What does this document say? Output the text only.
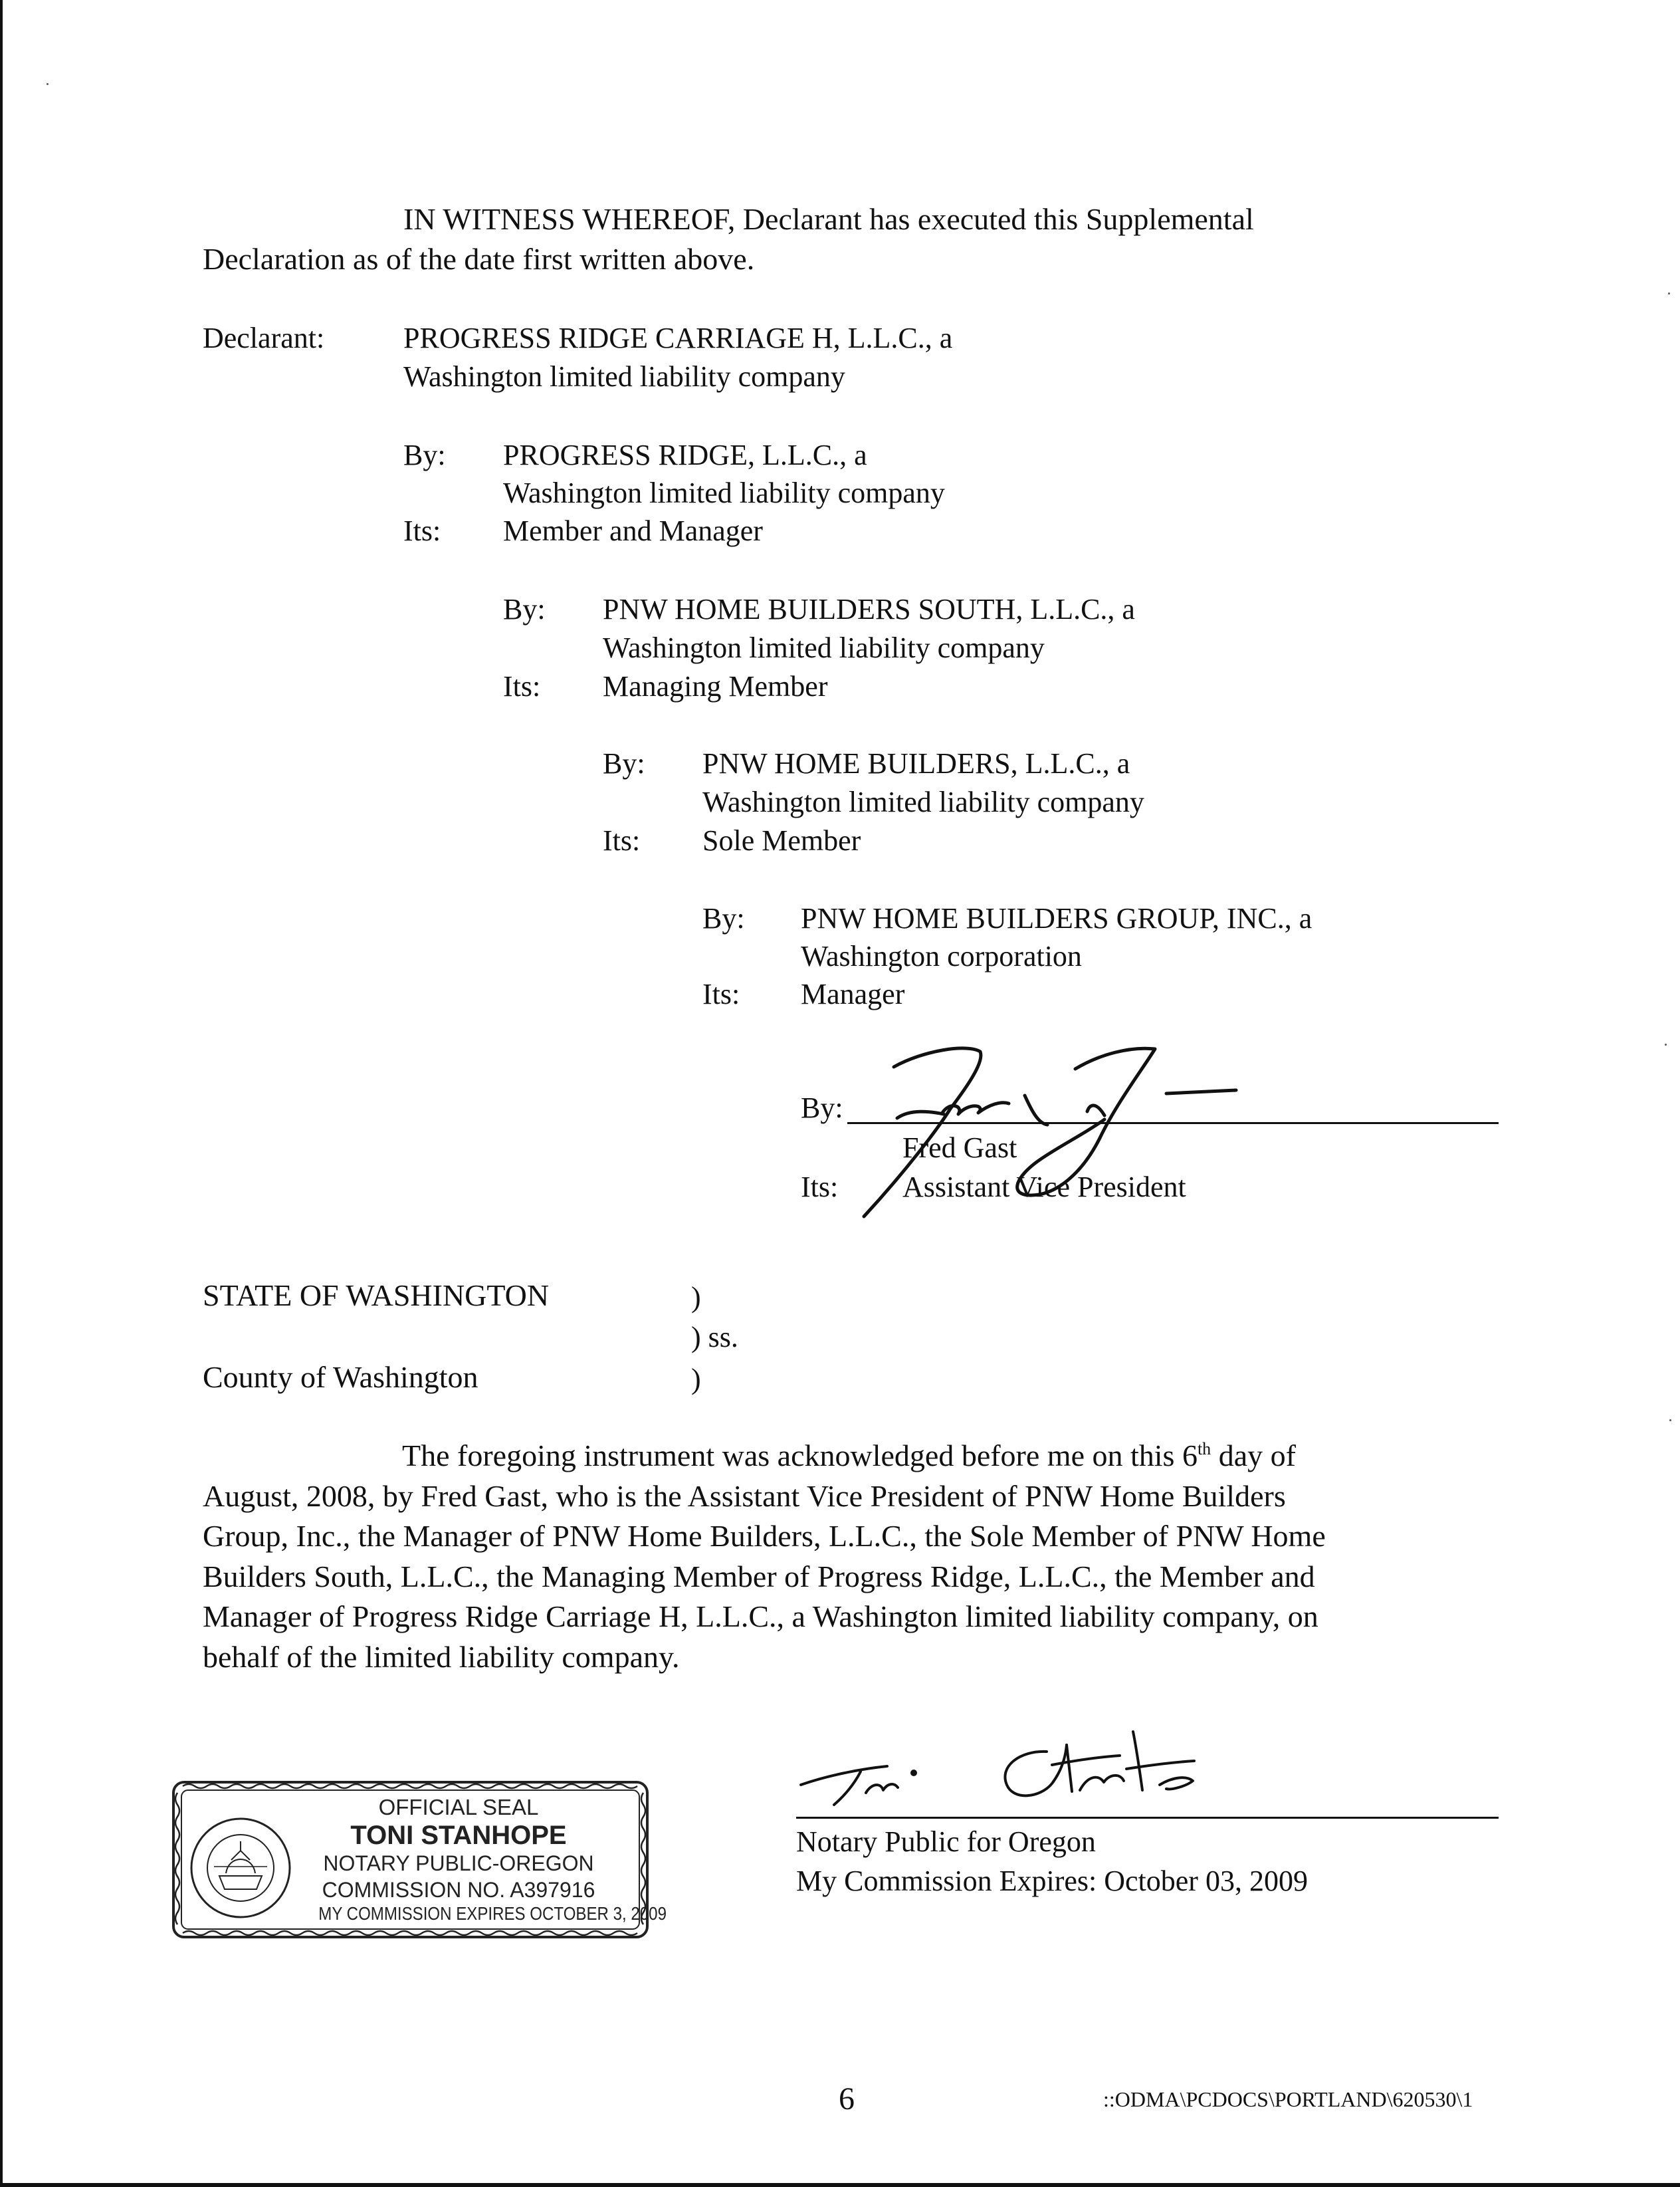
IN WITNESS WHEREOF, Declarant has executed this Supplemental
Declaration as of the date first written above.
Declarant:	PROGRESS RIDGE CARRIAGE H, L.L.C., a
Washington limited liability company
By: PROGRESS RIDGE, L.L.C., a
Washington limited liability company
Its: Member and Manager
By: PNW HOME BUILDERS SOUTH, L.L.C., a
Washington limited liability company
Its: Managing Member
By: PNW HOME BUILDERS, L.L.C., a
Washington limited liability company
Its: Sole Member
By: PNW HOME BUILDERS GROUP, INC., a
Washington corporation
Its: Manager
By:
Fred Gast
Its: Assistant Vice President
STATE OF WASHINGTON	)
) ss.
County of Washington	)

The foregoing instrument was acknowledged before me on this 6th day of

August, 2008, by Fred Gast, who is the Assistant Vice President of PNW Home Builders

Group, Inc., the Manager of PNW Home Builders, L.L.C., the Sole Member of PNW Home

Builders South, L.L.C., the Managing Member of Progress Ridge, L.L.C., the Member and

Manager of Progress Ridge Carriage H, L.L.C., a Washington limited liability company, on

behalf of the limited liability company.

OFFICIAL SEAL
TONI STANHOPE
NOTARY PUBLIC-OREGON
COMMISSION NO. A397916
MY COMMISSION EXPIRES OCTOBER 3, 2009
Notary Public for Oregon
My Commission Expires: October 03, 2009
6	::ODMA\PCDOCS\PORTLAND\620530\1
